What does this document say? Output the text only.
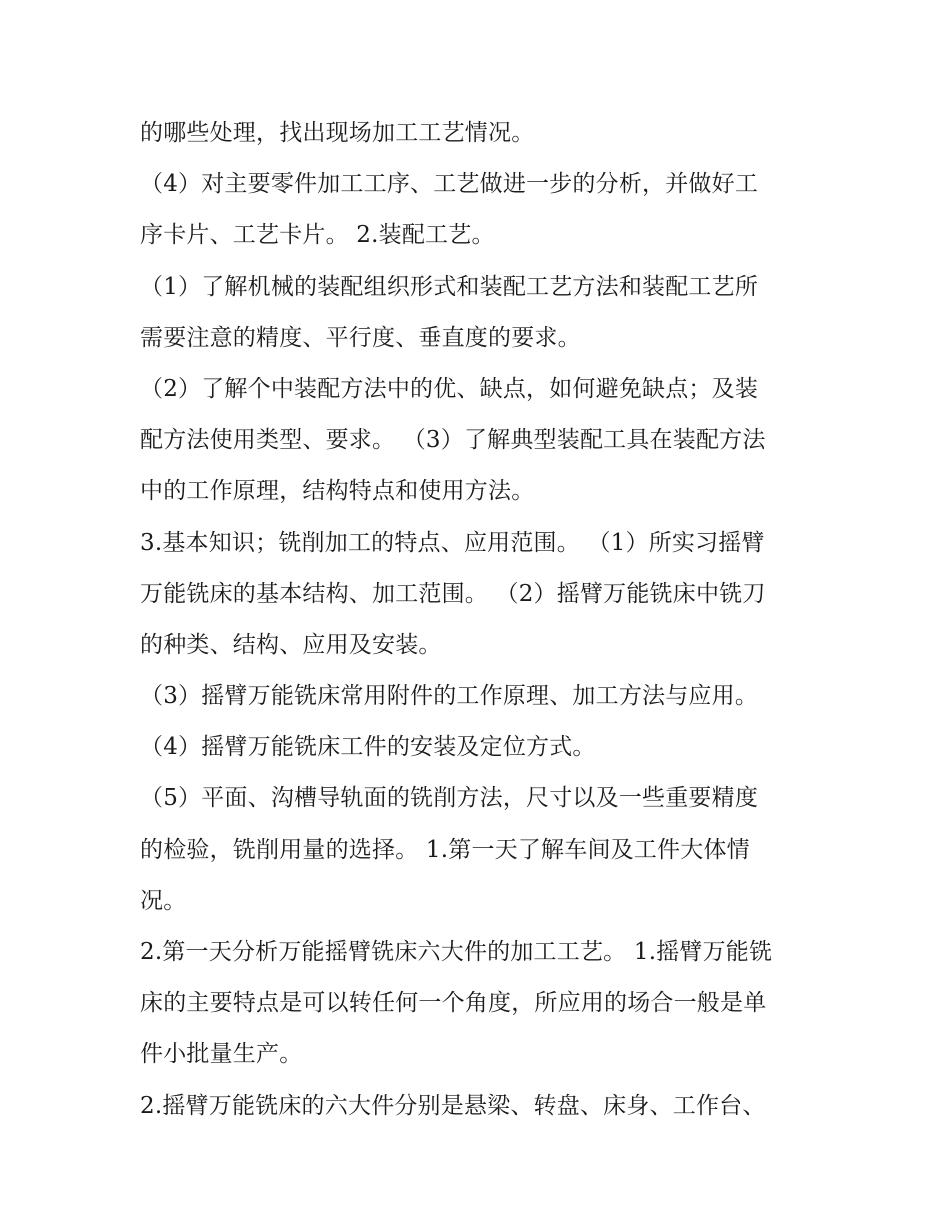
的哪些处理，找出现场加工工艺情况。
（4）对主要零件加工工序、工艺做进一步的分析，并做好工
序卡片、工艺卡片。 2.装配工艺。
（1）了解机械的装配组织形式和装配工艺方法和装配工艺所
需要注意的精度、平行度、垂直度的要求。
（2）了解个中装配方法中的优、缺点，如何避免缺点；及装
配方法使用类型、要求。 （3）了解典型装配工具在装配方法
中的工作原理，结构特点和使用方法。
3.基本知识；铣削加工的特点、应用范围。 （1）所实习摇臂
万能铣床的基本结构、加工范围。 （2）摇臂万能铣床中铣刀
的种类、结构、应用及安装。
（3）摇臂万能铣床常用附件的工作原理、加工方法与应用。
（4）摇臂万能铣床工件的安装及定位方式。
（5）平面、沟槽导轨面的铣削方法，尺寸以及一些重要精度
的检验，铣削用量的选择。 1.第一天了解车间及工件大体情
况。
2.第一天分析万能摇臂铣床六大件的加工工艺。 1.摇臂万能铣
床的主要特点是可以转任何一个角度，所应用的场合一般是单
件小批量生产。
2.摇臂万能铣床的六大件分别是悬梁、转盘、床身、工作台、
